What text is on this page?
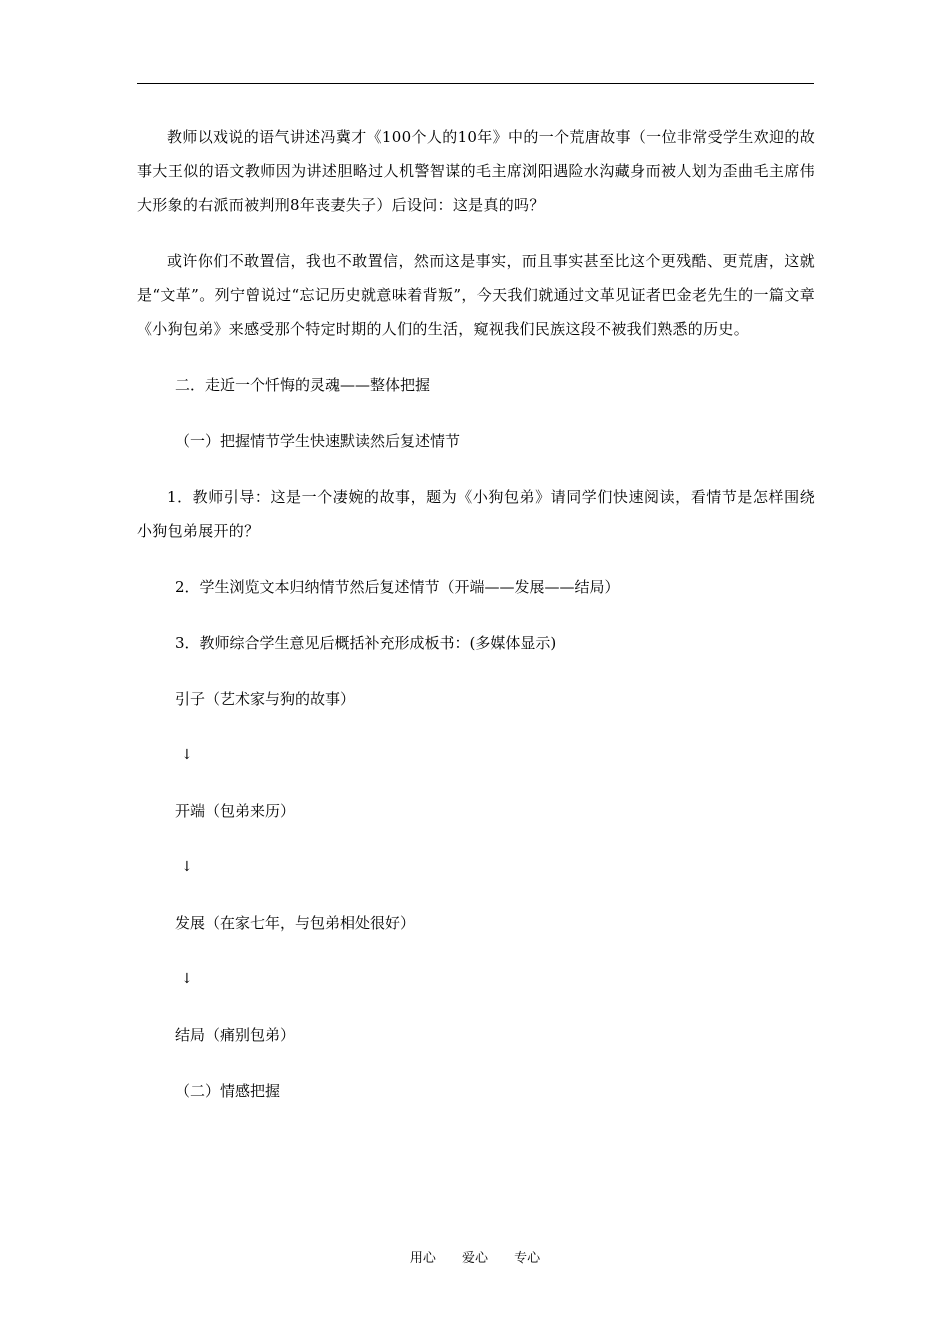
教师以戏说的语气讲述冯冀才《100个人的10年》中的一个荒唐故事（一位非常受学生欢迎的故事大王似的语文教师因为讲述胆略过人机警智谋的毛主席浏阳遇险水沟藏身而被人划为歪曲毛主席伟大形象的右派而被判刑8年丧妻失子）后设问：这是真的吗？

或许你们不敢置信，我也不敢置信，然而这是事实，而且事实甚至比这个更残酷、更荒唐，这就是“文革”。列宁曾说过“忘记历史就意味着背叛”，今天我们就通过文革见证者巴金老先生的一篇文章《小狗包弟》来感受那个特定时期的人们的生活，窥视我们民族这段不被我们熟悉的历史。

二．走近一个忏悔的灵魂——整体把握

（一）把握情节学生快速默读然后复述情节

1．教师引导：这是一个凄婉的故事，题为《小狗包弟》请同学们快速阅读，看情节是怎样围绕小狗包弟展开的？

2．学生浏览文本归纳情节然后复述情节（开端——发展——结局）

3．教师综合学生意见后概括补充形成板书：(多媒体显示)

引子（艺术家与狗的故事）

↓

开端（包弟来历）

↓

发展（在家七年，与包弟相处很好）

↓

结局（痛别包弟）

（二）情感把握

用心 爱心 专心
